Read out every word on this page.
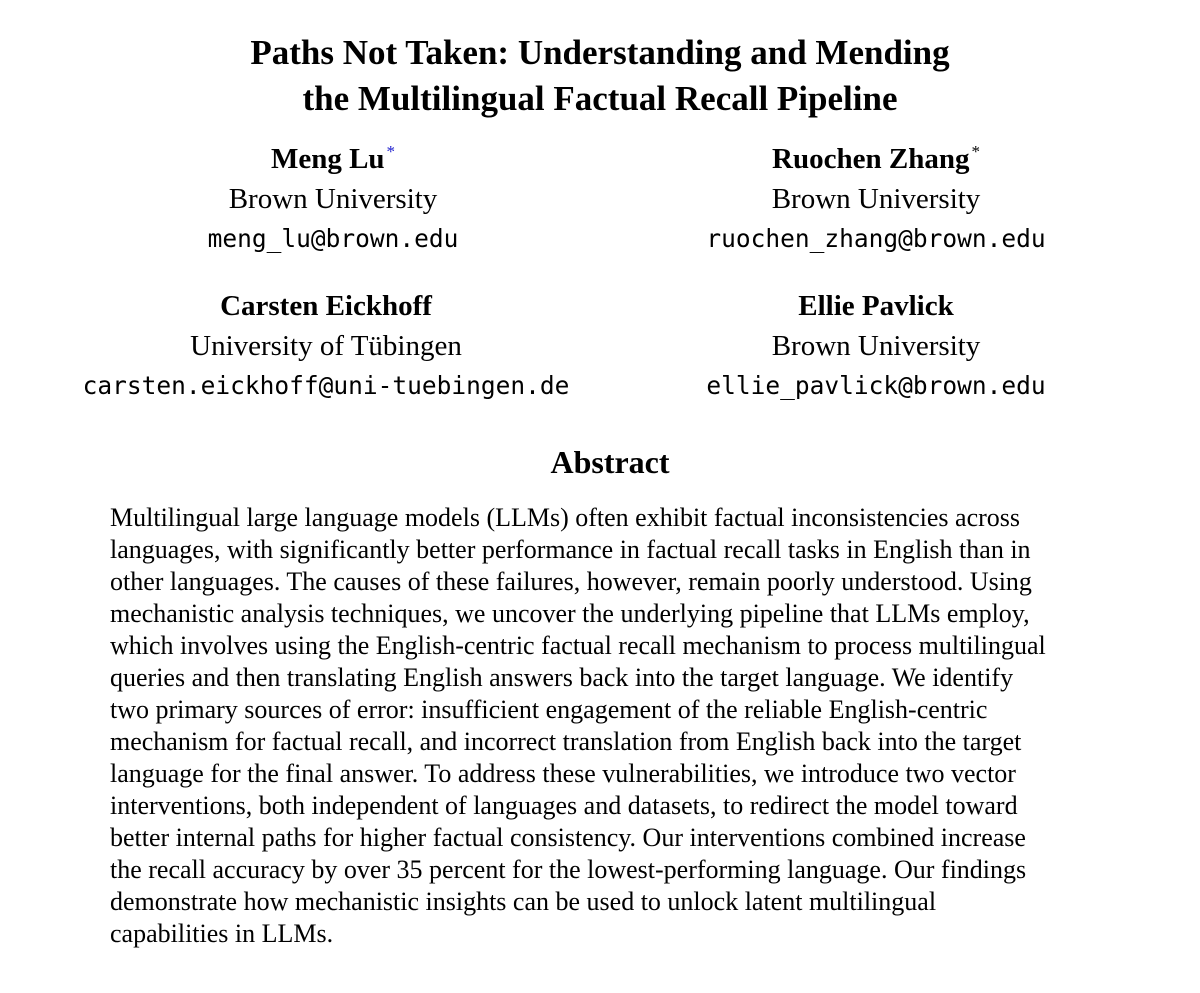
Paths Not Taken: Understanding and Mending
the Multilingual Factual Recall Pipeline
Meng Lu *
Brown University
meng_lu@brown.edu
Ruochen Zhang *
Brown University
ruochen_zhang@brown.edu
Carsten Eickhoff
University of Tübingen
carsten.eickhoff@uni-tuebingen.de
Ellie Pavlick
Brown University
ellie_pavlick@brown.edu
Abstract
Multilingual large language models (LLMs) often exhibit factual inconsistencies across
languages, with significantly better performance in factual recall tasks in English than in
other languages. The causes of these failures, however, remain poorly understood. Using
mechanistic analysis techniques, we uncover the underlying pipeline that LLMs employ,
which involves using the English-centric factual recall mechanism to process multilingual
queries and then translating English answers back into the target language. We identify
two primary sources of error: insufficient engagement of the reliable English-centric
mechanism for factual recall, and incorrect translation from English back into the target
language for the final answer. To address these vulnerabilities, we introduce two vector
interventions, both independent of languages and datasets, to redirect the model toward
better internal paths for higher factual consistency. Our interventions combined increase
the recall accuracy by over 35 percent for the lowest-performing language. Our findings
demonstrate how mechanistic insights can be used to unlock latent multilingual
capabilities in LLMs.
